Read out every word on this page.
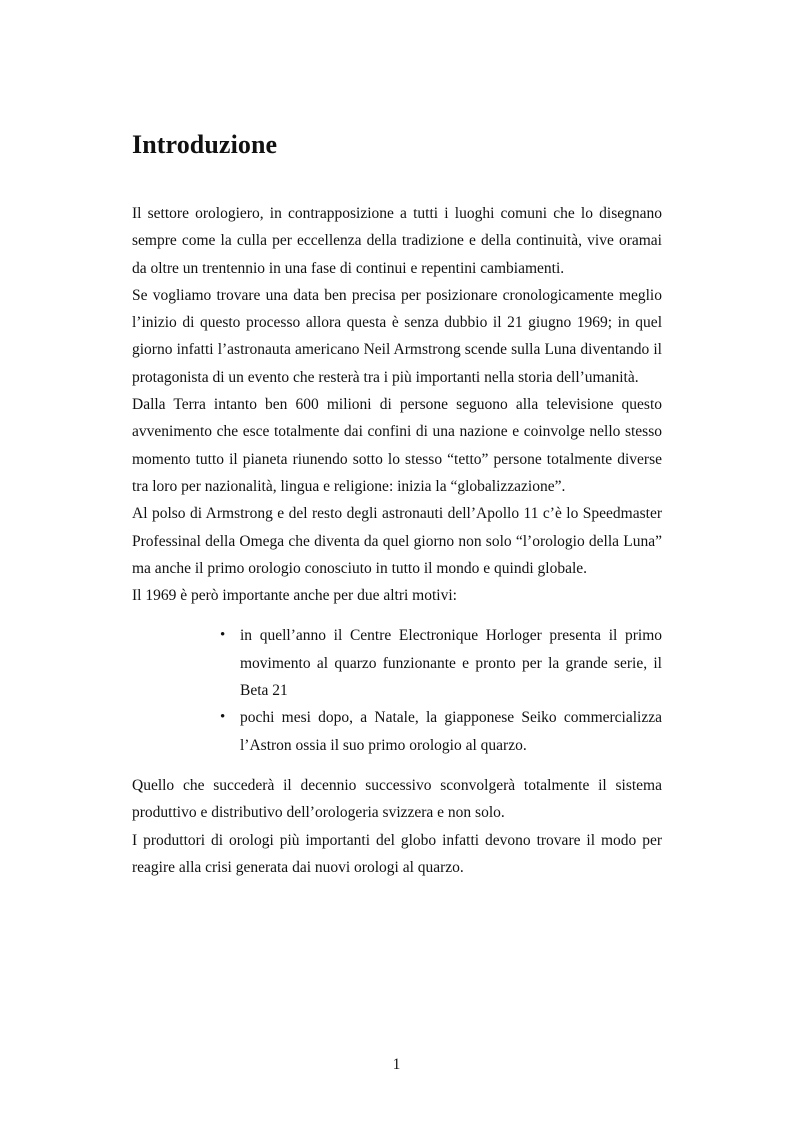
Introduzione

Il settore orologiero, in contrapposizione a tutti i luoghi comuni che lo disegnano sempre come la culla per eccellenza della tradizione e della continuità, vive oramai da oltre un trentennio in una fase di continui e repentini cambiamenti.

Se vogliamo trovare una data ben precisa per posizionare cronologicamente meglio l’inizio di questo processo allora questa è senza dubbio il 21 giugno 1969; in quel giorno infatti l’astronauta americano Neil Armstrong scende sulla Luna diventando il protagonista di un evento che resterà tra i più importanti nella storia dell’umanità.

Dalla Terra intanto ben 600 milioni di persone seguono alla televisione questo avvenimento che esce totalmente dai confini di una nazione e coinvolge nello stesso momento tutto il pianeta riunendo sotto lo stesso “tetto” persone totalmente diverse tra loro per nazionalità, lingua e religione: inizia la “globalizzazione”.

Al polso di Armstrong e del resto degli astronauti dell’Apollo 11 c’è lo Speedmaster Professinal della Omega che diventa da quel giorno non solo “l’orologio della Luna” ma anche il primo orologio conosciuto in tutto il mondo e quindi globale.

Il 1969 è però importante anche per due altri motivi:

• in quell’anno il Centre Electronique Horloger presenta il primo movimento al quarzo funzionante e pronto per la grande serie, il Beta 21
• pochi mesi dopo, a Natale, la giapponese Seiko commercializza l’Astron ossia il suo primo orologio al quarzo.

Quello che succederà il decennio successivo sconvolgerà totalmente il sistema produttivo e distributivo dell’orologeria svizzera e non solo.

I produttori di orologi più importanti del globo infatti devono trovare il modo per reagire alla crisi generata dai nuovi orologi al quarzo.

1
